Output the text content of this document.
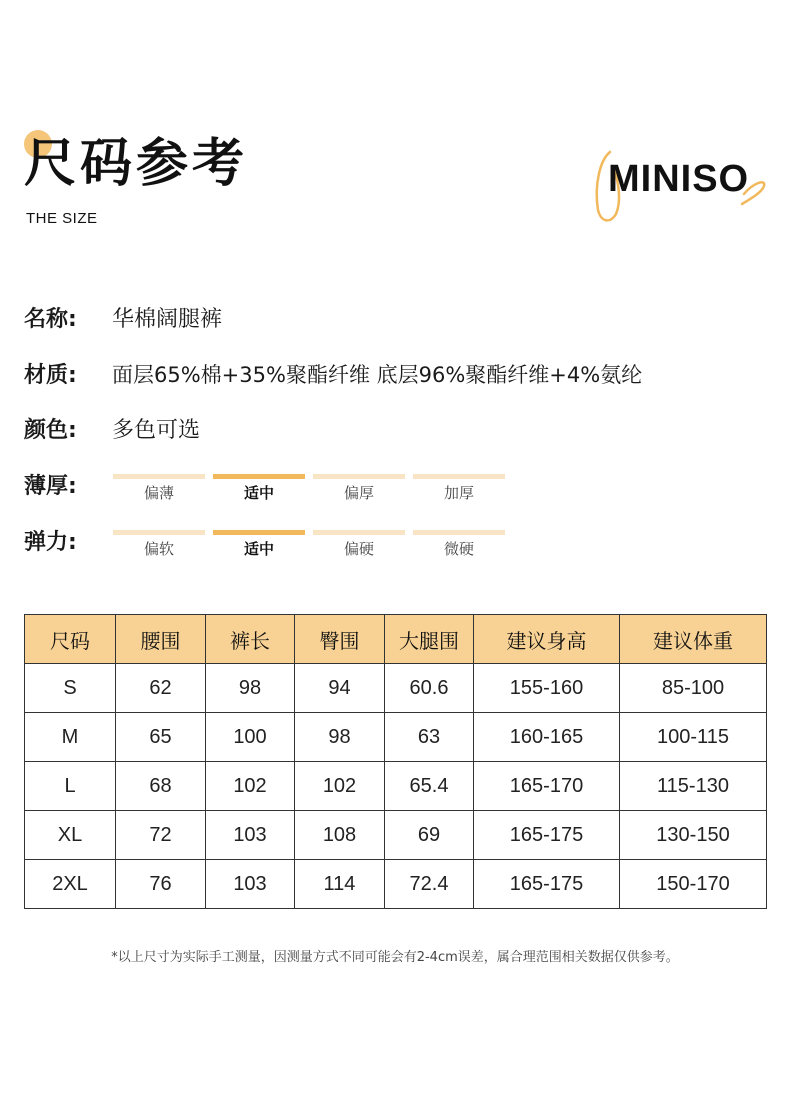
尺码参考
THE SIZE
MINISO
名称: 华棉阔腿裤
材质: 面层65%棉+35%聚酯纤维 底层96%聚酯纤维+4%氨纶
颜色: 多色可选
薄厚:	偏薄	适中	偏厚	加厚
弹力:	偏软	适中	偏硬	微硬
尺码	腰围	裤长	臀围	大腿围	建议身高	建议体重
S	62	98	94	60.6	155-160	85-100
M	65	100	98	63	160-165	100-115
L	68	102	102	65.4	165-170	115-130
XL	72	103	108	69	165-175	130-150
2XL	76	103	114	72.4	165-175	150-170
*以上尺寸为实际手工测量，因测量方式不同可能会有2-4cm误差，属合理范围相关数据仅供参考。
